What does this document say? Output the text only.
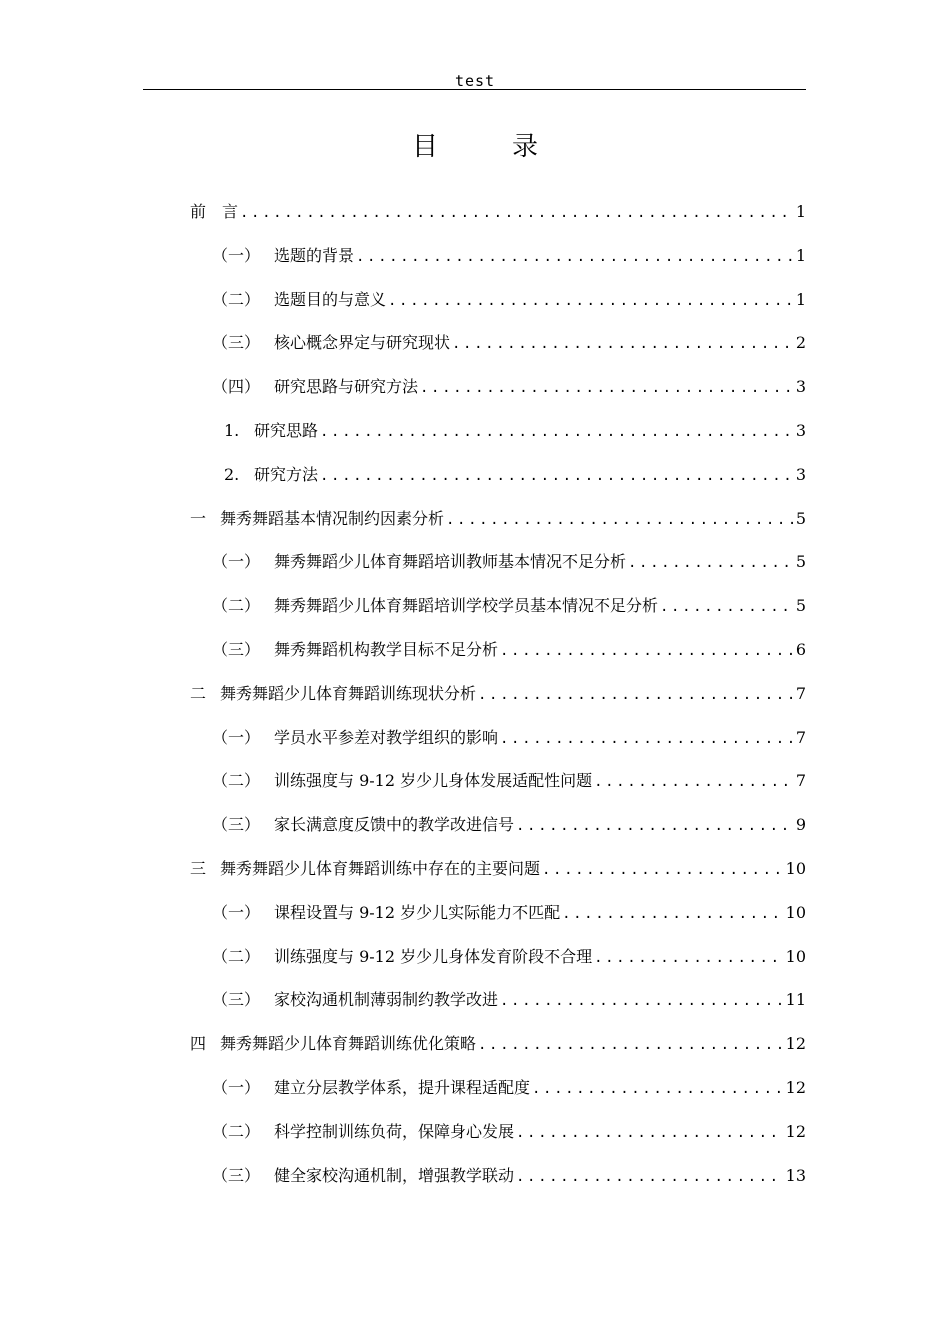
test
目　录
前　言 .....	1
（一） 选题的背景 .....	1
（二） 选题目的与意义 .....	1
（三） 核心概念界定与研究现状 .....	2
（四） 研究思路与研究方法 .....	3
1. 研究思路 .....	3
2. 研究方法 .....	3
一 舞秀舞蹈基本情况制约因素分析 .....	5
（一） 舞秀舞蹈少儿体育舞蹈培训教师基本情况不足分析 .....	5
（二） 舞秀舞蹈少儿体育舞蹈培训学校学员基本情况不足分析 .....	5
（三） 舞秀舞蹈机构教学目标不足分析 .....	6
二 舞秀舞蹈少儿体育舞蹈训练现状分析 .....	7
（一） 学员水平参差对教学组织的影响 .....	7
（二） 训练强度与 9-12 岁少儿身体发展适配性问题 .....	7
（三） 家长满意度反馈中的教学改进信号 .....	9
三 舞秀舞蹈少儿体育舞蹈训练中存在的主要问题 .....	10
（一） 课程设置与 9-12 岁少儿实际能力不匹配 .....	10
（二） 训练强度与 9-12 岁少儿身体发育阶段不合理 .....	10
（三） 家校沟通机制薄弱制约教学改进 .....	11
四 舞秀舞蹈少儿体育舞蹈训练优化策略 .....	12
（一） 建立分层教学体系，提升课程适配度 .....	12
（二） 科学控制训练负荷，保障身心发展 .....	12
（三） 健全家校沟通机制，增强教学联动 .....	13
